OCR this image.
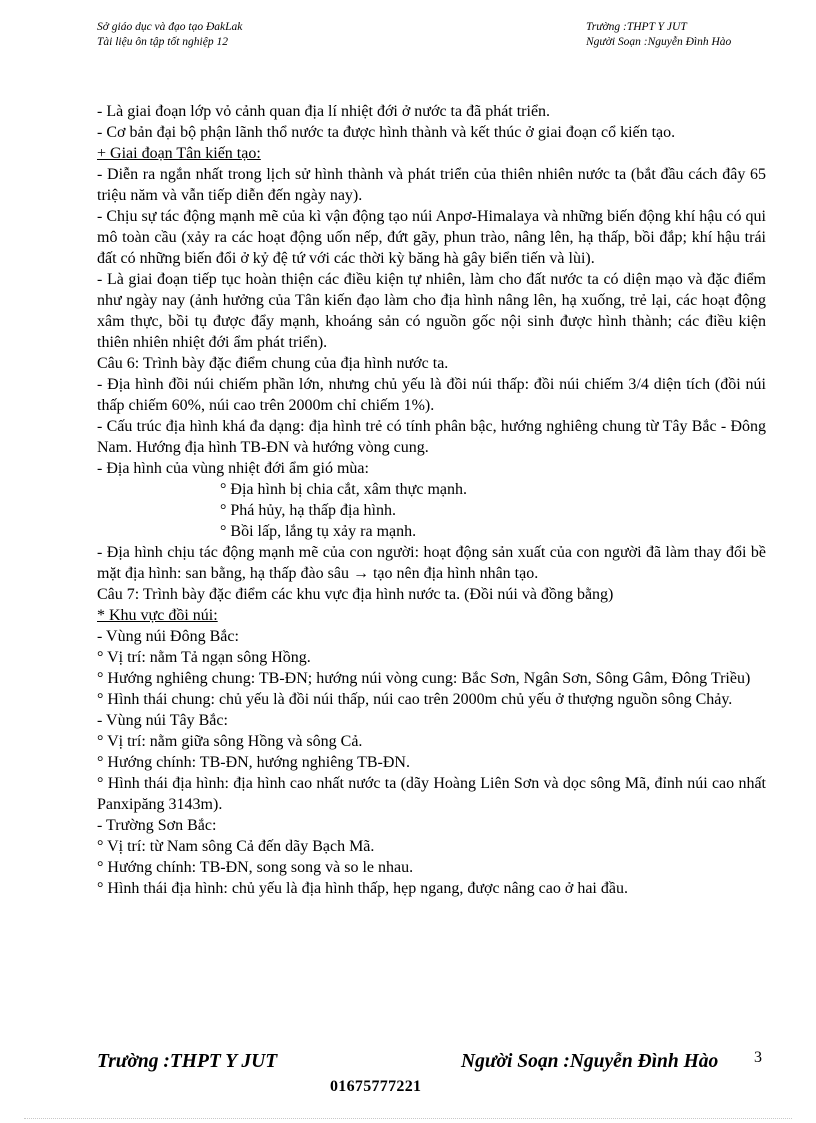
Sở giáo dục và đạo tạo ĐakLak
Tài liệu ôn tập tốt nghiệp 12
Trường :THPT Y JUT
Người Soạn :Nguyễn Đình Hào

- Là giai đoạn lớp vỏ cảnh quan địa lí nhiệt đới ở nước ta đã phát triển.

- Cơ bản đại bộ phận lãnh thổ nước ta được hình thành và kết thúc ở giai đoạn cổ kiến tạo.

+ Giai đoạn Tân kiến tạo:

- Diễn ra ngắn nhất trong lịch sử hình thành và phát triển của thiên nhiên nước ta (bắt đầu cách đây 65 triệu năm và vẫn tiếp diễn đến ngày nay).

- Chịu sự tác động mạnh mẽ của kì vận động tạo núi Anpơ-Himalaya và những biến động khí hậu có qui mô toàn cầu (xảy ra các hoạt động uốn nếp, đứt gãy, phun trào, nâng lên, hạ thấp, bồi đắp; khí hậu trái đất có những biến đổi ở kỷ đệ tứ với các thời kỳ băng hà gây biển tiến và lùi).

- Là giai đoạn tiếp tục hoàn thiện các điều kiện tự nhiên, làm cho đất nước ta có diện mạo và đặc điểm như ngày nay (ảnh hưởng của Tân kiến đạo làm cho địa hình nâng lên, hạ xuống, trẻ lại, các hoạt động xâm thực, bồi tụ được đẩy mạnh, khoáng sản có nguồn gốc nội sinh được hình thành; các điều kiện thiên nhiên nhiệt đới ẩm phát triển).

Câu 6: Trình bày đặc điểm chung của địa hình nước ta.

- Địa hình đồi núi chiếm phần lớn, nhưng chủ yếu là đồi núi thấp: đồi núi chiếm 3/4 diện tích (đồi núi thấp chiếm 60%, núi cao trên 2000m chỉ chiếm 1%).

- Cấu trúc địa hình khá đa dạng: địa hình trẻ có tính phân bậc, hướng nghiêng chung từ Tây Bắc - Đông Nam. Hướng địa hình TB-ĐN và hướng vòng cung.

- Địa hình của vùng nhiệt đới ẩm gió mùa:

° Địa hình bị chia cắt, xâm thực mạnh.

° Phá hủy, hạ thấp địa hình.

° Bồi lấp, lắng tụ xảy ra mạnh.

- Địa hình chịu tác động mạnh mẽ của con người: hoạt động sản xuất của con người đã làm thay đổi bề mặt địa hình: san bằng, hạ thấp đào sâu → tạo nên địa hình nhân tạo.

Câu 7: Trình bày đặc điểm các khu vực địa hình nước ta. (Đồi núi và đồng bằng)

* Khu vực đồi núi:

- Vùng núi Đông Bắc:

° Vị trí: nằm Tả ngạn sông Hồng.

° Hướng nghiêng chung: TB-ĐN; hướng núi vòng cung: Bắc Sơn, Ngân Sơn, Sông Gâm, Đông Triều)

° Hình thái chung: chủ yếu là đồi núi thấp, núi cao trên 2000m chủ yếu ở thượng nguồn sông Chảy.

- Vùng núi Tây Bắc:

° Vị trí: nằm giữa sông Hồng và sông Cả.

° Hướng chính: TB-ĐN, hướng nghiêng TB-ĐN.

° Hình thái địa hình: địa hình cao nhất nước ta (dãy Hoàng Liên Sơn và dọc sông Mã, đỉnh núi cao nhất Panxipăng 3143m).

- Trường Sơn Bắc:

° Vị trí: từ Nam sông Cả đến dãy Bạch Mã.

° Hướng chính: TB-ĐN, song song và so le nhau.

° Hình thái địa hình: chủ yếu là địa hình thấp, hẹp ngang, được nâng cao ở hai đầu.

Trường :THPT Y JUT	Người Soạn :Nguyễn Đình Hào 3
01675777221
